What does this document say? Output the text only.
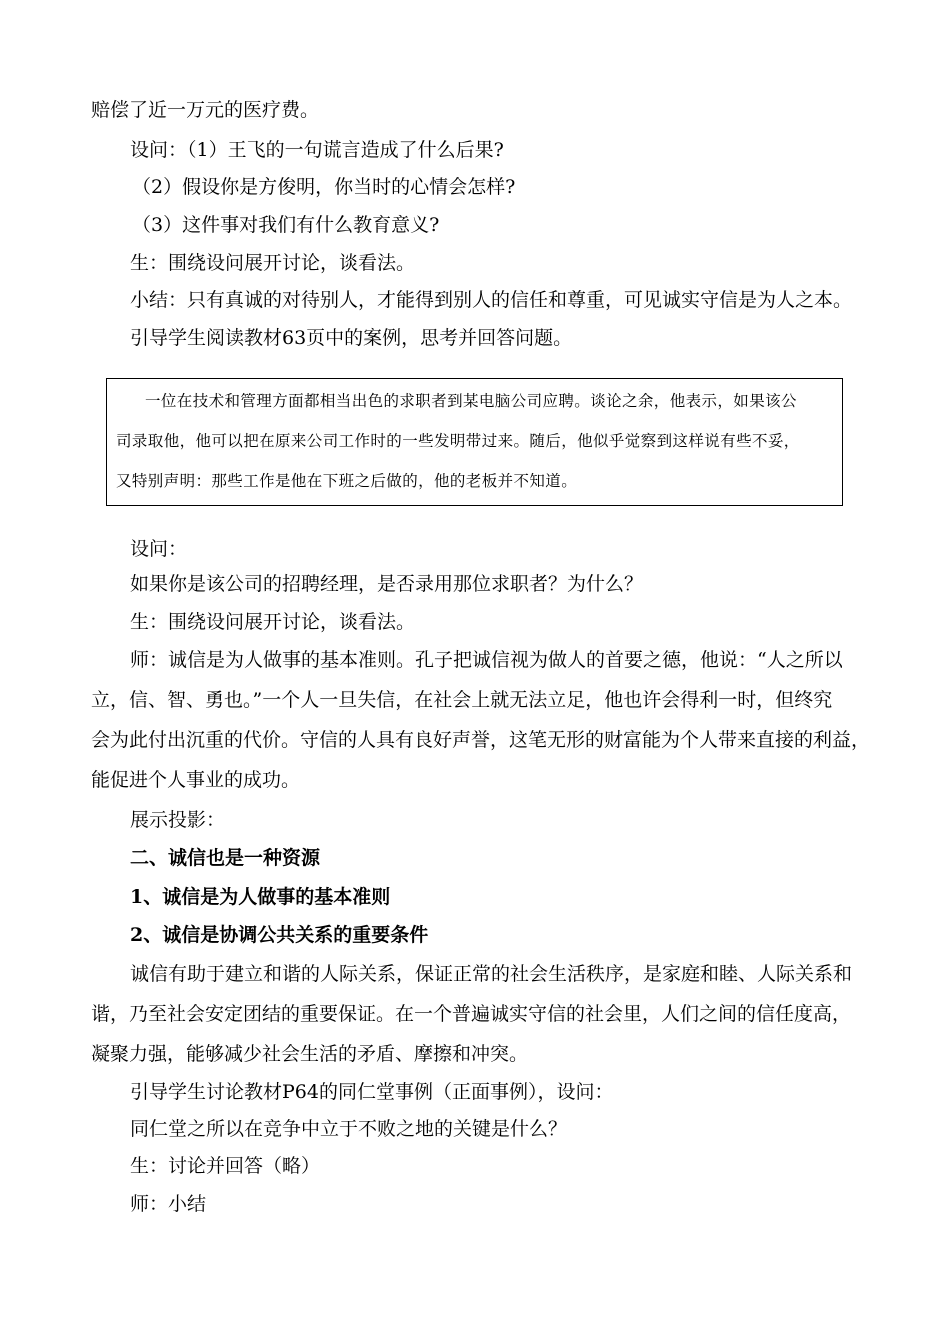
赔偿了近一万元的医疗费。
设问：（1）王飞的一句谎言造成了什么后果?
（2）假设你是方俊明，你当时的心情会怎样?
（3）这件事对我们有什么教育意义?
生：围绕设问展开讨论，谈看法。
小结：只有真诚的对待别人，才能得到别人的信任和尊重，可见诚实守信是为人之本。
引导学生阅读教材63页中的案例，思考并回答问题。
一位在技术和管理方面都相当出色的求职者到某电脑公司应聘。谈论之余，他表示，如果该公
司录取他，他可以把在原来公司工作时的一些发明带过来。随后，他似乎觉察到这样说有些不妥，
又特别声明：那些工作是他在下班之后做的，他的老板并不知道。
设问：
如果你是该公司的招聘经理，是否录用那位求职者？为什么？
生：围绕设问展开讨论，谈看法。
师：诚信是为人做事的基本准则。孔子把诚信视为做人的首要之德，他说：“人之所以
立，信、智、勇也。”一个人一旦失信，在社会上就无法立足，他也许会得利一时，但终究
会为此付出沉重的代价。守信的人具有良好声誉，这笔无形的财富能为个人带来直接的利益，
能促进个人事业的成功。
展示投影：
二、诚信也是一种资源
1、诚信是为人做事的基本准则
2、诚信是协调公共关系的重要条件
诚信有助于建立和谐的人际关系，保证正常的社会生活秩序，是家庭和睦、人际关系和
谐，乃至社会安定团结的重要保证。在一个普遍诚实守信的社会里，人们之间的信任度高，
凝聚力强，能够减少社会生活的矛盾、摩擦和冲突。
引导学生讨论教材P64的同仁堂事例（正面事例），设问：
同仁堂之所以在竞争中立于不败之地的关键是什么？
生：讨论并回答（略）
师：小结
